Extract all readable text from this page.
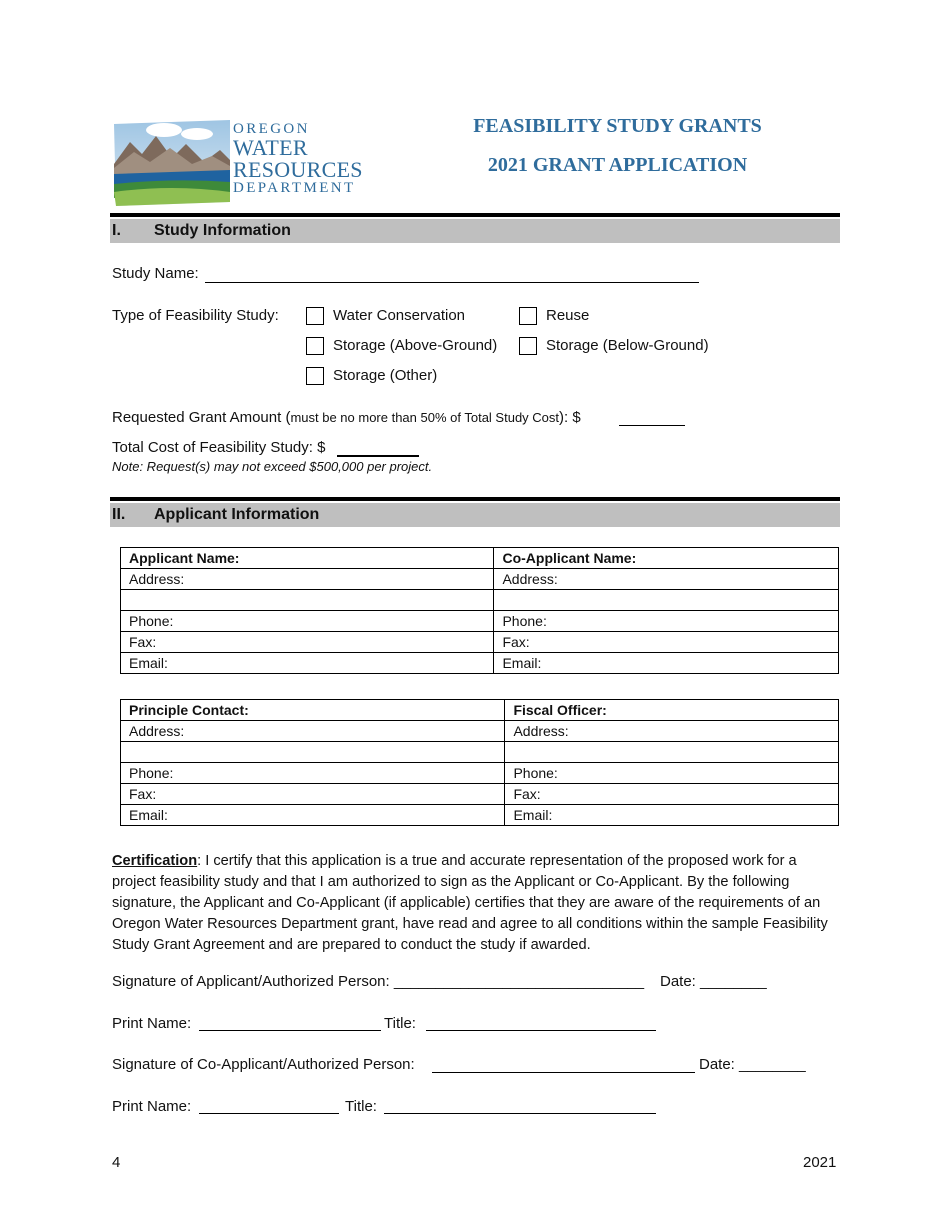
OREGON
WATER
RESOURCES
DEPARTMENT
FEASIBILITY STUDY GRANTS
2021 GRANT APPLICATION
I. Study Information
Study Name:
Type of Feasibility Study:	Water Conservation	Reuse
Storage (Above-Ground)	Storage (Below-Ground)
Storage (Other)
Requested Grant Amount (must be no more than 50% of Total Study Cost): $
Total Cost of Feasibility Study: $
Note: Request(s) may not exceed $500,000 per project.
II. Applicant Information
Applicant Name:	Co-Applicant Name:
Address:	Address:

Phone:	Phone:
Fax:	Fax:
Email:	Email:
Principle Contact:	Fiscal Officer:
Address:	Address:

Phone:	Phone:
Fax:	Fax:
Email:	Email:
Certification: I certify that this application is a true and accurate representation of the proposed work for a project feasibility study and that I am authorized to sign as the Applicant or Co-Applicant. By the following signature, the Applicant and Co-Applicant (if applicable) certifies that they are aware of the requirements of an Oregon Water Resources Department grant, have read and agree to all conditions within the sample Feasibility Study Grant Agreement and are prepared to conduct the study if awarded.
Signature of Applicant/Authorized Person: ______________________________ Date: ________
Print Name:	Title:
Signature of Co-Applicant/Authorized Person:	Date: ________
Print Name:	Title:
4	2021
